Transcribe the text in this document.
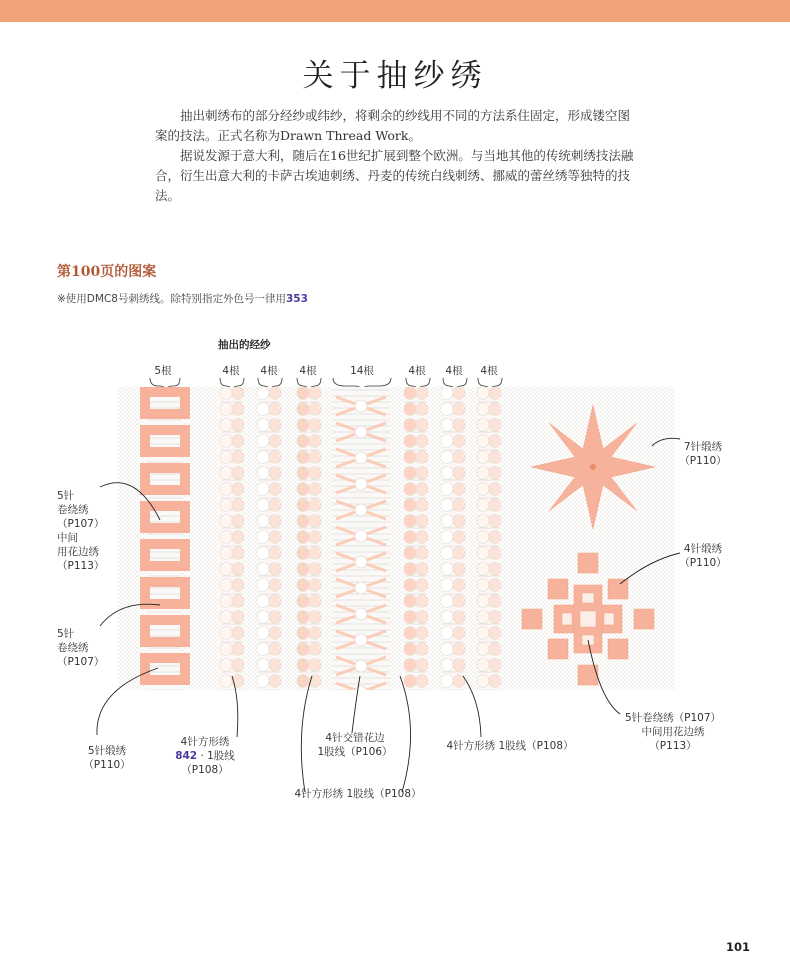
关于抽纱绣

抽出刺绣布的部分经纱或纬纱，将剩余的纱线用不同的方法系住固定，形成镂空图案的技法。正式名称为Drawn Thread Work。

据说发源于意大利，随后在16世纪扩展到整个欧洲。与当地其他的传统刺绣技法融合，衍生出意大利的卡萨古埃迪刺绣、丹麦的传统白线刺绣、挪威的蕾丝绣等独特的技法。

第100页的图案
※使用DMC8号刺绣线。除特别指定外色号一律用353
抽出的经纱
5根	4根	4根	4根	14根	4根	4根	4根
5针
卷绕绣
（P107）
中间
用花边绣
（P113）
5针
卷绕绣
（P107）
5针缎绣
（P110）
4针方形绣
842 · 1股线
（P108）
4针交错花边
1股线（P106）
4针方形绣 1股线（P108）
4针方形绣 1股线（P108）
7针缎绣
（P110）
4针缎绣
（P110）
5针卷绕绣（P107）
中间用花边绣
（P113）
101
